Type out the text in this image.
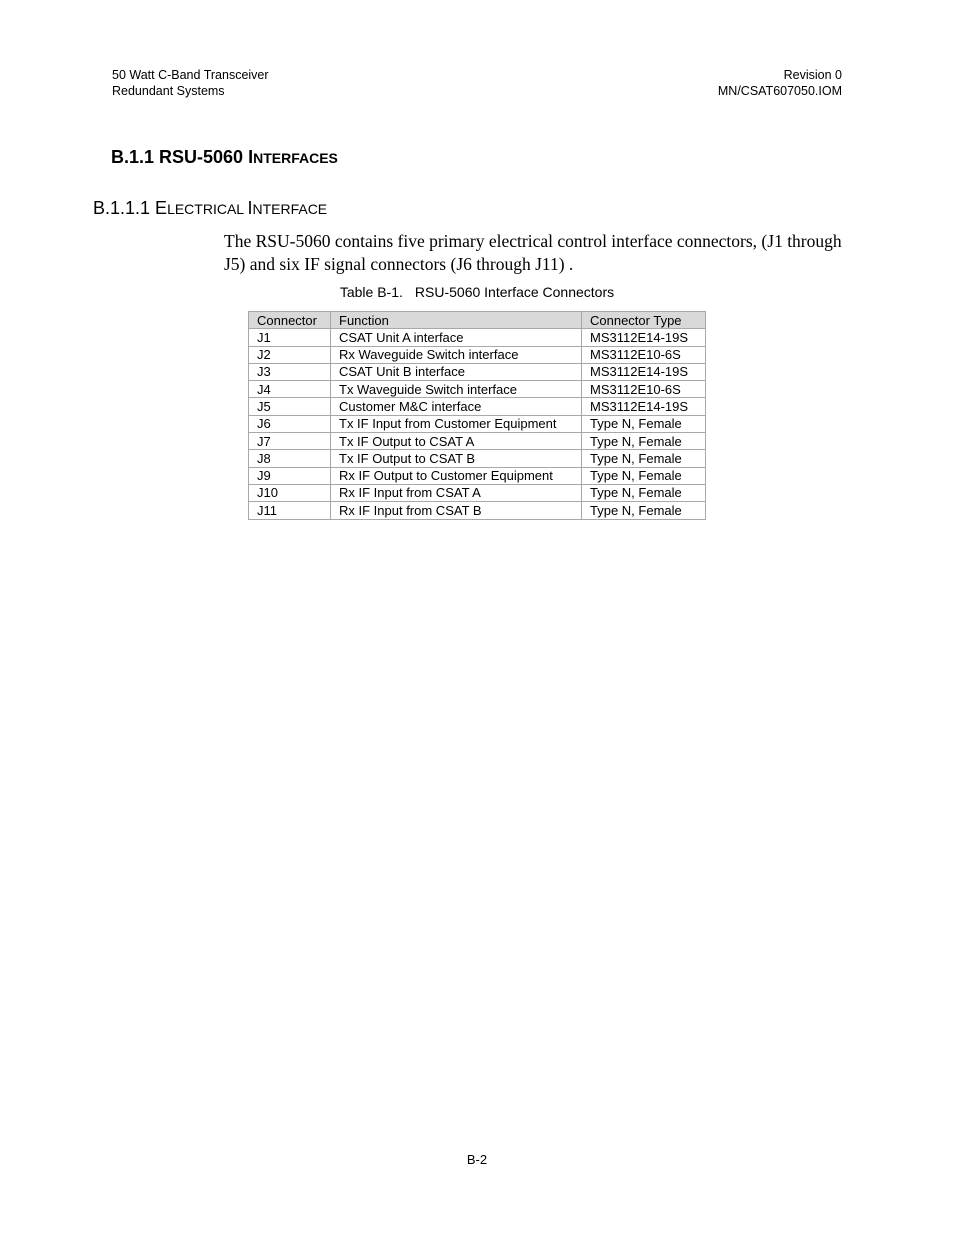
50 Watt C-Band Transceiver
Redundant Systems
Revision 0
MN/CSAT607050.IOM
B.1.1 RSU-5060 INTERFACES
B.1.1.1 ELECTRICAL INTERFACE
The RSU-5060 contains five primary electrical control interface connectors, (J1 through J5) and six IF signal connectors (J6 through J11) .
Table B-1. RSU-5060 Interface Connectors
Connector	Function	Connector Type
J1	CSAT Unit A interface	MS3112E14-19S
J2	Rx Waveguide Switch interface	MS3112E10-6S
J3	CSAT Unit B interface	MS3112E14-19S
J4	Tx Waveguide Switch interface	MS3112E10-6S
J5	Customer M&C interface	MS3112E14-19S
J6	Tx IF Input from Customer Equipment	Type N, Female
J7	Tx IF Output to CSAT A	Type N, Female
J8	Tx IF Output to CSAT B	Type N, Female
J9	Rx IF Output to Customer Equipment	Type N, Female
J10	Rx IF Input from CSAT A	Type N, Female
J11	Rx IF Input from CSAT B	Type N, Female
B-2
